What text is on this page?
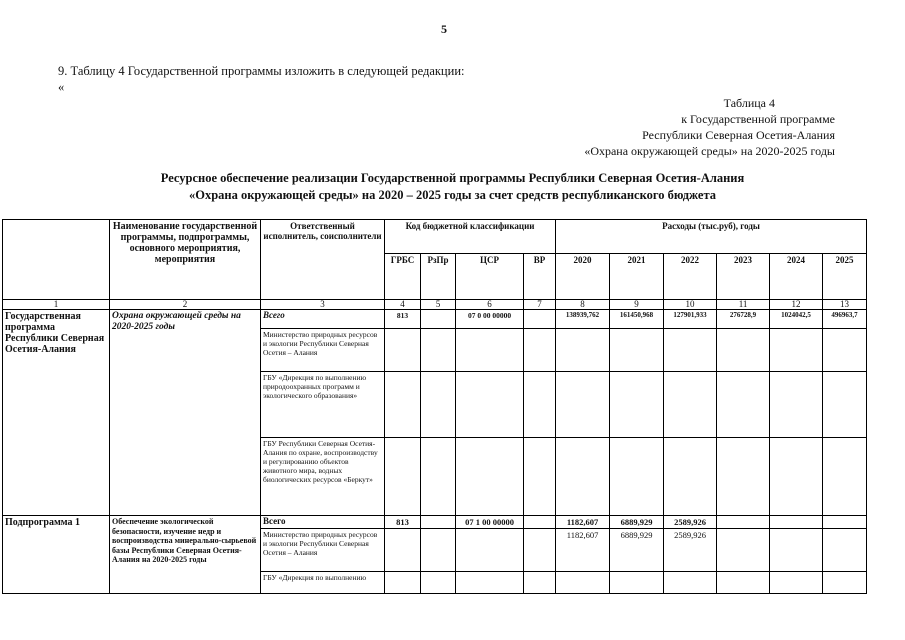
5
9. Таблицу 4 Государственной программы изложить в следующей редакции:
«
Таблица 4
к Государственной программе
Республики Северная Осетия-Алания
«Охрана окружающей среды» на 2020-2025 годы
Ресурсное обеспечение реализации Государственной программы Республики Северная Осетия-Алания
«Охрана окружающей среды» на 2020 – 2025 годы за счет средств республиканского бюджета
	Наименование государственной программы, подпрограммы, основного мероприятия, мероприятия	Ответственный исполнитель, соисполнители	Код бюджетной классификации				Расходы (тыс.руб), годы					
			ГРБС	РзПр	ЦСР	ВР	2020	2021	2022	2023	2024	2025
1	2	3	4	5	6	7	8	9	10	11	12	13
Государственная программа Республики Северная Осетия-Алания	Охрана окружающей среды на 2020-2025 годы	Всего	813		07 0 00 00000		138939,762	161450,968	127901,933	276728,9	1024042,5	496963,7
		Министерство природных ресурсов и экологии Республики Северная Осетия – Алания										
		ГБУ «Дирекция по выполнению природоохранных программ и экологического образования»										
		ГБУ Республики Северная Осетия-Алания по охране, воспроизводству и регулированию объектов животного мира, водных биологических ресурсов «Беркут»										
Подпрограмма 1	Обеспечение экологической безопасности, изучение недр и воспроизводства минерально-сырьевой базы Республики Северная Осетия-Алания на 2020-2025 годы	Всего	813		07 1 00 00000		1182,607	6889,929	2589,926			
		Министерство природных ресурсов и экологии Республики Северная Осетия – Алания					1182,607	6889,929	2589,926			
		ГБУ «Дирекция по выполнению										
